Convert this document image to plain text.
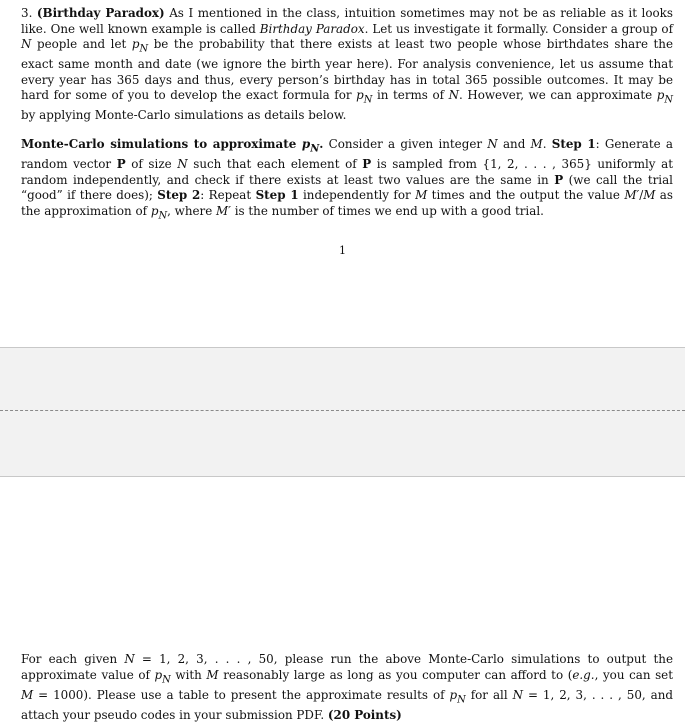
3. (Birthday Paradox) As I mentioned in the class, intuition sometimes may not be as reliable as it looks like. One well known example is called Birthday Paradox. Let us investigate it formally. Consider a group of N people and let $p_N$ be the probability that there exists at least two people whose birthdates share the exact same month and date (we ignore the birth year here). For analysis convenience, let us assume that every year has 365 days and thus, every person’s birthday has in total 365 possible outcomes. It may be hard for some of you to develop the exact formula for $p_N$ in terms of N. However, we can approximate $p_N$ by applying Monte-Carlo simulations as details below.

Monte-Carlo simulations to approximate $p_N$. Consider a given integer N and M. Step 1: Generate a random vector P of size N such that each element of P is sampled from {1, 2, . . . , 365} uniformly at random independently, and check if there exists at least two values are the same in P (we call the trial “good” if there does); Step 2: Repeat Step 1 independently for M times and the output the value M′/M as the approximation of $p_N$, where M′ is the number of times we end up with a good trial.

1

For each given N = 1, 2, 3, . . . , 50, please run the above Monte-Carlo simulations to output the approximate value of $p_N$ with M reasonably large as long as you computer can afford to (e.g., you can set M = 1000). Please use a table to present the approximate results of $p_N$ for all N = 1, 2, 3, . . . , 50, and attach your pseudo codes in your submission PDF. (20 Points)
